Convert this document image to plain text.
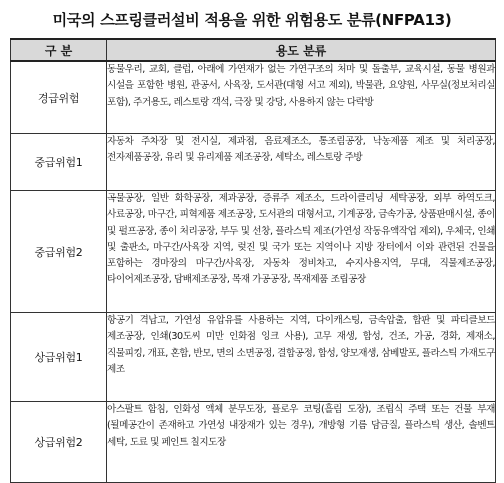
미국의 스프링클러설비 적용을 위한 위험용도 분류(NFPA13)
구 분	용도 분류
경급위험	동물우리, 교회, 클럽, 아래에 가연재가 없는 가연구조의 처마 및 돌출부, 교육시설, 동물 병원과 시설을 포함한 병원, 관공서, 사육장, 도서관(대형 서고 제외), 박물관, 요양원, 사무실(정보처리실 포함), 주거용도, 레스토랑 객석, 극장 및 강당, 사용하지 않는 다락방
중급위험1	자동차 주차장 및 전시실, 제과점, 음료제조소, 통조림공장, 낙농제품 제조 및 처리공장, 전자제품공장, 유리 및 유리제품 제조공장, 세탁소, 레스토랑 주방
중급위험2	곡물공장, 일반 화학공장, 제과공장, 증류주 제조소, 드라이클리닝 세탁공장, 외부 하역도크, 사료공장, 마구간, 피혁제품 제조공장, 도서관의 대형서고, 기계공장, 금속가공, 상품판매시설, 종이 및 펄프공장, 종이 처리공장, 부두 및 선창, 플라스틱 제조(가연성 작동유액작업 제외), 우체국, 인쇄 및 출판소, 마구간/사육장 지역, 렂진 및 국가 또는 지역이나 지방 장터에서 이와 관련된 건물을 포함하는 경마장의 마구간/사육장, 자동차 정비차고, 수지사용지역, 무대, 직물제조공장, 타이어제조공장, 담배제조공장, 목재 가공공장, 목재제품 조립공장
상급위험1	항공기 격납고, 가연성 유압유를 사용하는 지역, 다이캐스팅, 금속압출, 합판 및 파티클보드 제조공장, 인쇄(30도씨 미만 인화점 잉크 사용), 고무 재생, 합성, 건조, 가공, 경화, 제재소, 직물피킹, 개표, 혼합, 반모, 면의 소면공정, 결합공정, 합성, 양모재생, 삼베발포, 플라스틱 가재도구 제조
상급위험2	아스팔트 함침, 인화성 액체 분무도장, 플로우 코팅(흘림 도장), 조립식 주택 또는 건물 부재(될메공간이 존재하고 가연성 내장재가 있는 경우), 개방형 기름 담금질, 플라스틱 생산, 솔벤트 세탁, 도료 및 페인트 칠지도장
